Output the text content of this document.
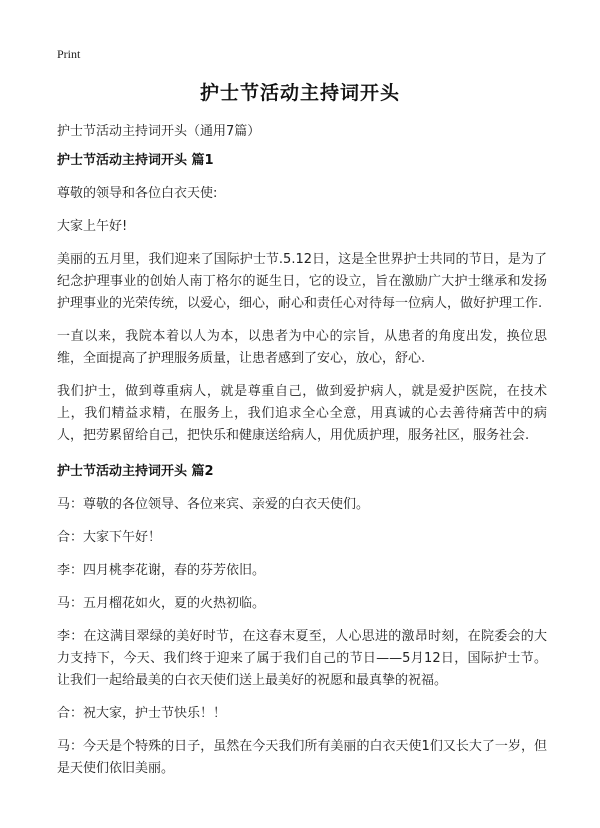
Print
护士节活动主持词开头
护士节活动主持词开头（通用7篇）
护士节活动主持词开头 篇1

尊敬的领导和各位白衣天使:

大家上午好!

美丽的五月里，我们迎来了国际护士节.5.12日，这是全世界护士共同的节日，是为了纪念护理事业的创始人南丁格尔的诞生日，它的设立，旨在激励广大护士继承和发扬护理事业的光荣传统，以爱心，细心，耐心和责任心对待每一位病人，做好护理工作.

一直以来，我院本着以人为本，以患者为中心的宗旨，从患者的角度出发，换位思维，全面提高了护理服务质量，让患者感到了安心，放心，舒心.

我们护士，做到尊重病人，就是尊重自己，做到爱护病人，就是爱护医院，在技术上，我们精益求精，在服务上，我们追求全心全意，用真诚的心去善待痛苦中的病人，把劳累留给自己，把快乐和健康送给病人，用优质护理，服务社区，服务社会.

护士节活动主持词开头 篇2

马：尊敬的各位领导、各位来宾、亲爱的白衣天使们。

合：大家下午好！

李：四月桃李花谢，春的芬芳依旧。

马：五月榴花如火，夏的火热初临。

李：在这满目翠绿的美好时节，在这春末夏至，人心思进的激昂时刻，在院委会的大力支持下，今天、我们终于迎来了属于我们自己的节日——5月12日，国际护士节。让我们一起给最美的白衣天使们送上最美好的祝愿和最真挚的祝福。

合：祝大家，护士节快乐！！

马：今天是个特殊的日子，虽然在今天我们所有美丽的白衣天使1们又长大了一岁，但是天使们依旧美丽。
